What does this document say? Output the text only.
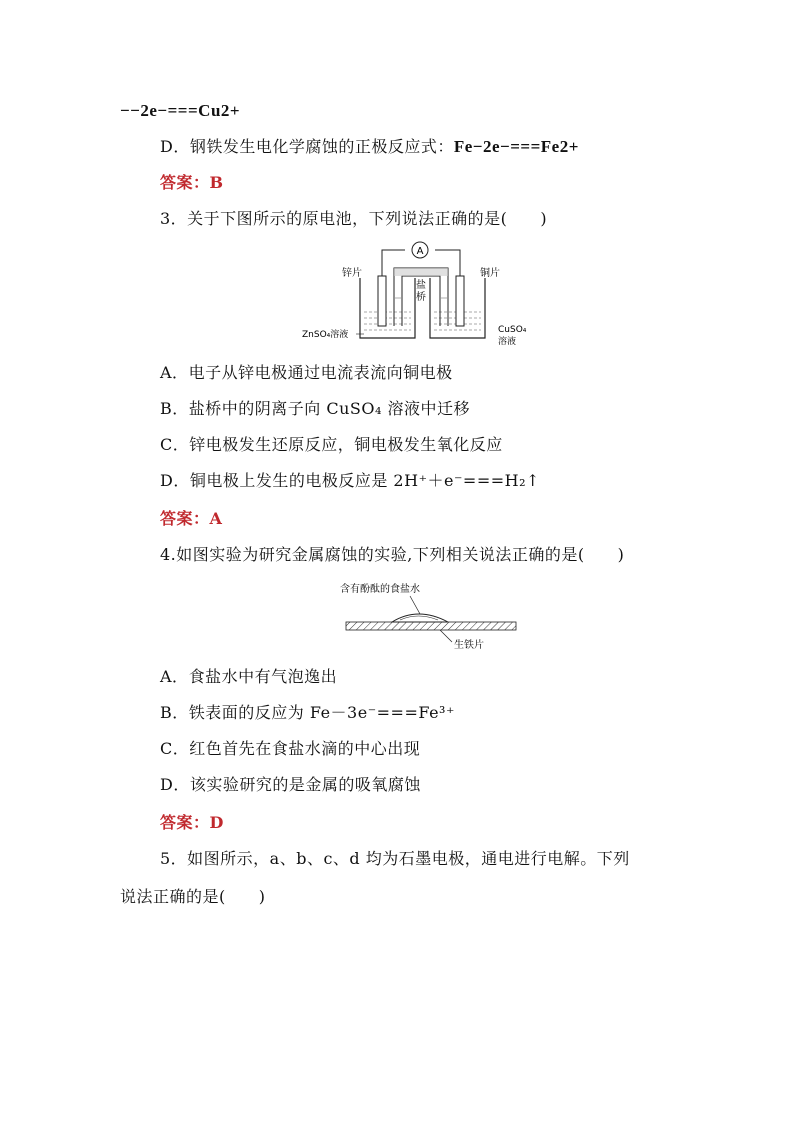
−−2e−===Cu2+
D．钢铁发生电化学腐蚀的正极反应式：Fe−2e−===Fe2+
答案：B
3．关于下图所示的原电池，下列说法正确的是(　　)
A
锌片	铜片
盐
桥
ZnSO₄溶液	CuSO₄
溶液
A．电子从锌电极通过电流表流向铜电极
B．盐桥中的阴离子向 CuSO₄ 溶液中迁移
C．锌电极发生还原反应，铜电极发生氧化反应
D．铜电极上发生的电极反应是 2H⁺＋e⁻===H₂↑
答案：A
4.如图实验为研究金属腐蚀的实验,下列相关说法正确的是(　　)
含有酚酞的食盐水
生铁片
A．食盐水中有气泡逸出
B．铁表面的反应为 Fe－3e⁻===Fe³⁺
C．红色首先在食盐水滴的中心出现
D．该实验研究的是金属的吸氧腐蚀
答案：D
5．如图所示，a、b、c、d 均为石墨电极，通电进行电解。下列
说法正确的是(　　)
